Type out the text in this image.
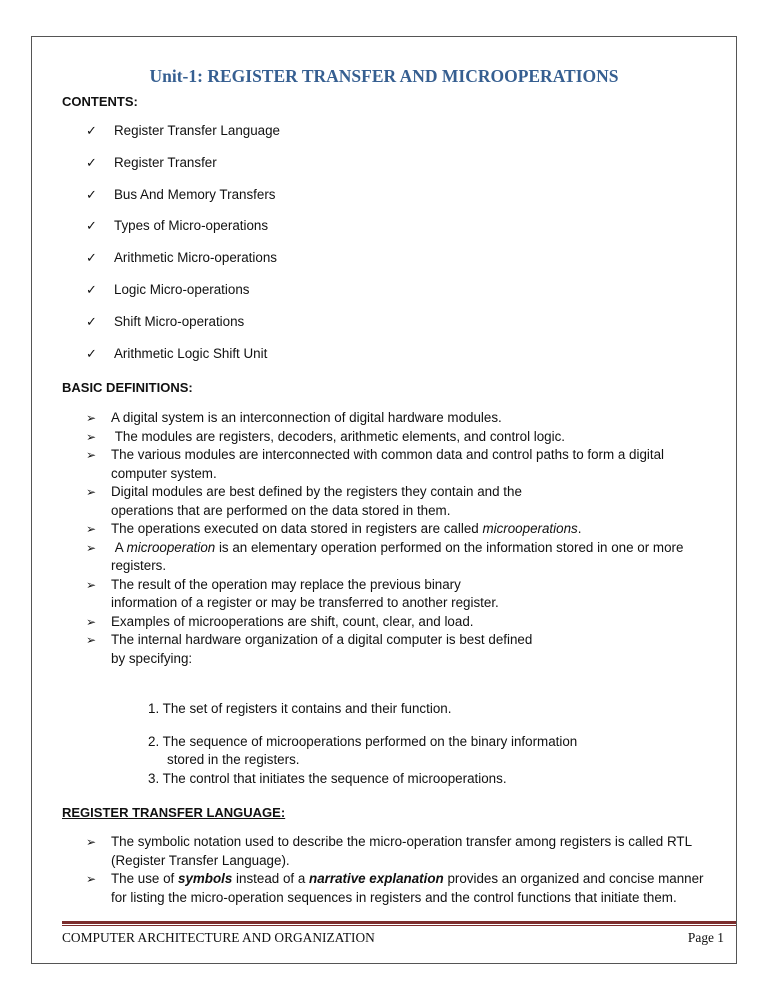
Unit-1: REGISTER TRANSFER AND MICROOPERATIONS
CONTENTS:
✓	Register Transfer Language
✓	Register Transfer
✓	Bus And Memory Transfers
✓	Types of Micro-operations
✓	Arithmetic Micro-operations
✓	Logic Micro-operations
✓	Shift Micro-operations
✓	Arithmetic Logic Shift Unit
BASIC DEFINITIONS:
➢ A digital system is an interconnection of digital hardware modules.
➢ The modules are registers, decoders, arithmetic elements, and control logic.
➢ The various modules are interconnected with common data and control paths to form a digital
computer system.
➢ Digital modules are best defined by the registers they contain and the
operations that are performed on the data stored in them.
➢ The operations executed on data stored in registers are called microoperations.
➢ A microoperation is an elementary operation performed on the information stored in one or more
registers.
➢ The result of the operation may replace the previous binary
information of a register or may be transferred to another register.
➢ Examples of microoperations are shift, count, clear, and load.
➢ The internal hardware organization of a digital computer is best defined
by specifying:
1. The set of registers it contains and their function.
2. The sequence of microoperations performed on the binary information
stored in the registers.
3. The control that initiates the sequence of microoperations.
REGISTER TRANSFER LANGUAGE:
➢ The symbolic notation used to describe the micro-operation transfer among registers is called RTL
(Register Transfer Language).
➢ The use of symbols instead of a narrative explanation provides an organized and concise manner
for listing the micro-operation sequences in registers and the control functions that initiate them.
COMPUTER ARCHITECTURE AND ORGANIZATION	Page 1
